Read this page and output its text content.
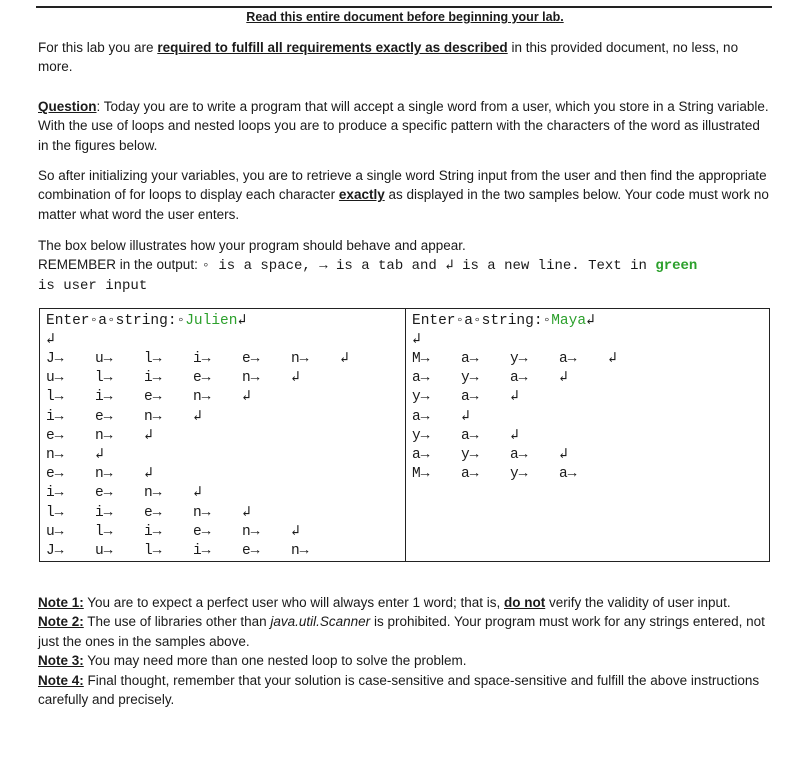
Read this entire document before beginning your lab.
For this lab you are required to fulfill all requirements exactly as described in this provided document, no less, no more.
Question: Today you are to write a program that will accept a single word from a user, which you store in a String variable. With the use of loops and nested loops you are to produce a specific pattern with the characters of the word as illustrated in the figures below.
So after initializing your variables, you are to retrieve a single word String input from the user and then find the appropriate combination of for loops to display each character exactly as displayed in the two samples below. Your code must work no matter what word the user enters.
The box below illustrates how your program should behave and appear.
REMEMBER in the output: ◦ is a space, → is a tab and ↲ is a new line. Text in green
is user input
Enter◦a◦string:◦Julien↲
↲
J→ u→ l→ i→ e→ n→ ↲
u→ l→ i→ e→ n→ ↲
l→ i→ e→ n→ ↲
i→ e→ n→ ↲
e→ n→ ↲
n→ ↲
e→ n→ ↲
i→ e→ n→ ↲
l→ i→ e→ n→ ↲
u→ l→ i→ e→ n→ ↲
J→ u→ l→ i→ e→ n→
Enter◦a◦string:◦Maya↲
↲
M→ a→ y→ a→ ↲
a→ y→ a→ ↲
y→ a→ ↲
a→ ↲
y→ a→ ↲
a→ y→ a→ ↲
M→ a→ y→ a→
Note 1: You are to expect a perfect user who will always enter 1 word; that is, do not verify the validity of user input.
Note 2: The use of libraries other than java.util.Scanner is prohibited. Your program must work for any strings entered, not just the ones in the samples above.
Note 3: You may need more than one nested loop to solve the problem.
Note 4: Final thought, remember that your solution is case-sensitive and space-sensitive and fulfill the above instructions carefully and precisely.
